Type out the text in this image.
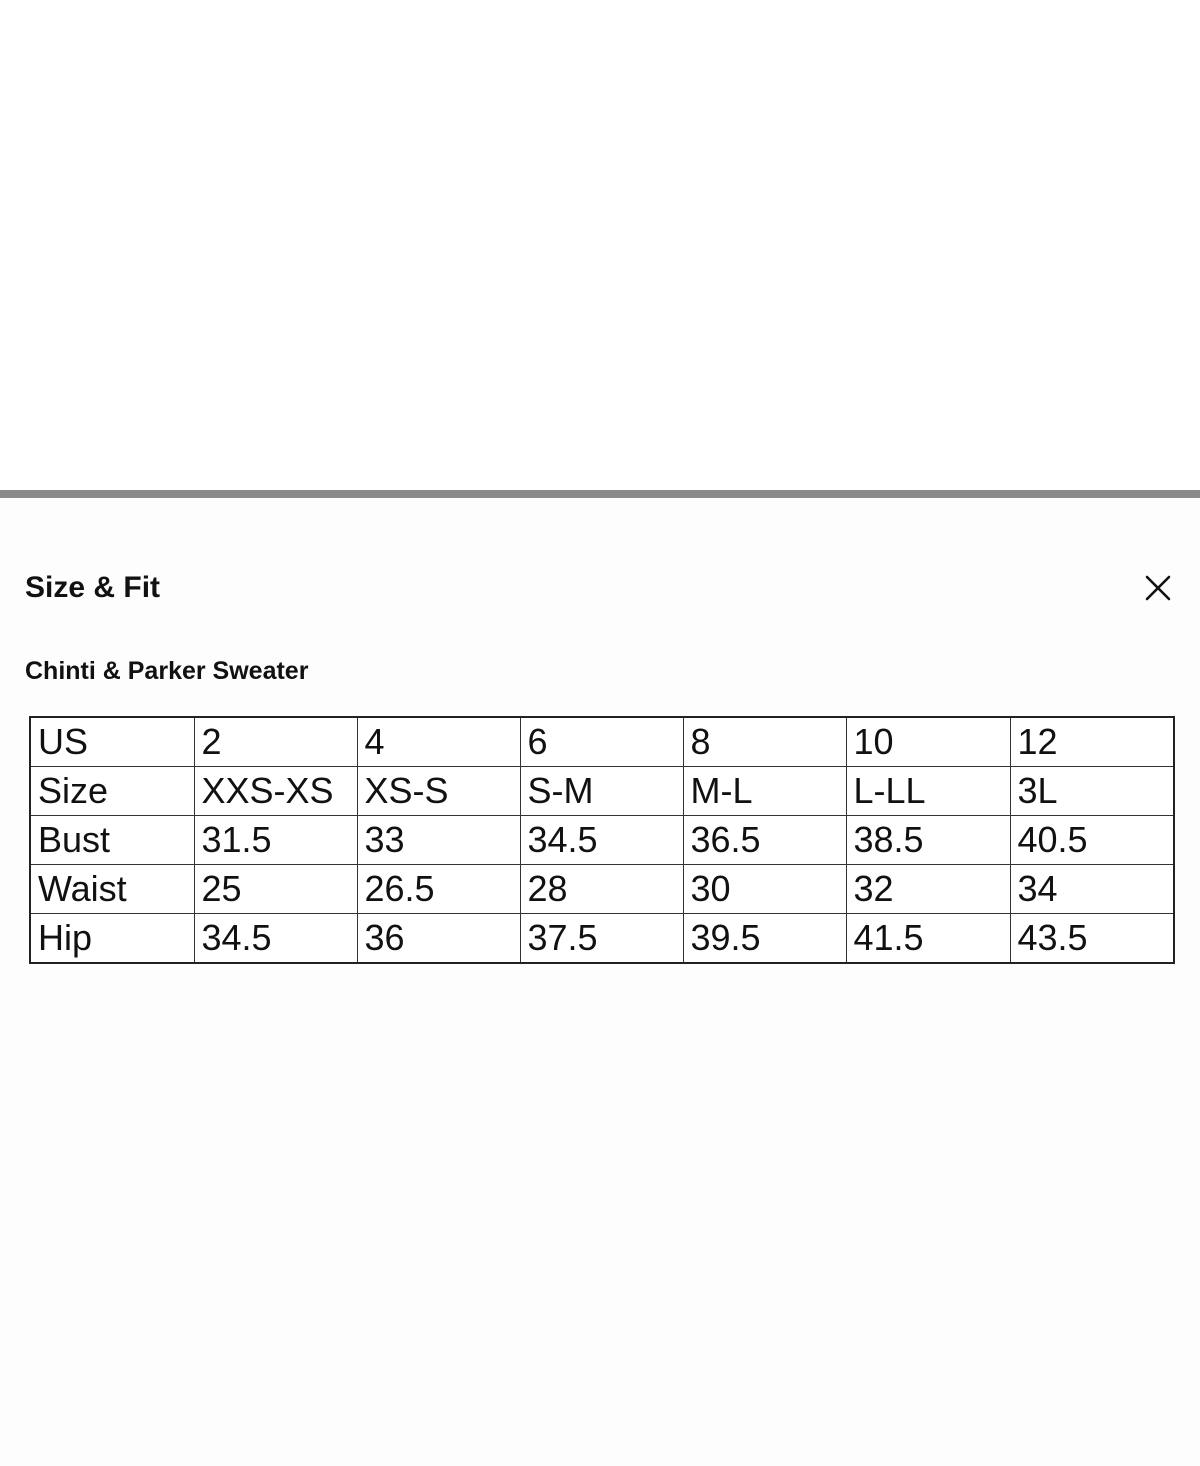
Size & Fit
Chinti & Parker Sweater
US	2	4	6	8	10	12
Size	XXS-XS	XS-S	S-M	M-L	L-LL	3L
Bust	31.5	33	34.5	36.5	38.5	40.5
Waist	25	26.5	28	30	32	34
Hip	34.5	36	37.5	39.5	41.5	43.5
